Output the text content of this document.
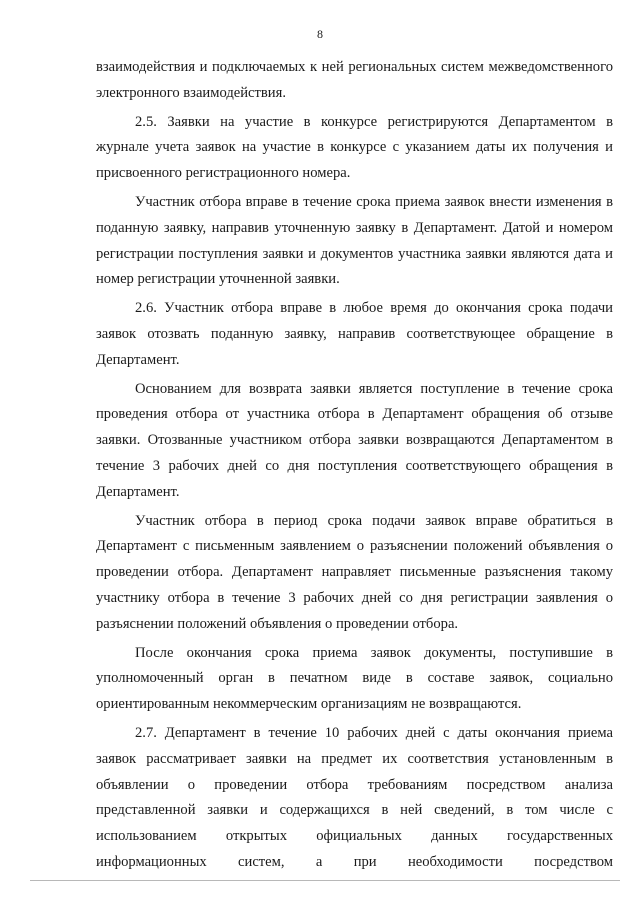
8

взаимодействия и подключаемых к ней региональных систем межведомственного электронного взаимодействия.

2.5. Заявки на участие в конкурсе регистрируются Департаментом в журнале учета заявок на участие в конкурсе с указанием даты их получения и присвоенного регистрационного номера.

Участник отбора вправе в течение срока приема заявок внести изменения в поданную заявку, направив уточненную заявку в Департамент. Датой и номером регистрации поступления заявки и документов участника заявки являются дата и номер регистрации уточненной заявки.

2.6. Участник отбора вправе в любое время до окончания срока подачи заявок отозвать поданную заявку, направив соответствующее обращение в Департамент.

Основанием для возврата заявки является поступление в течение срока проведения отбора от участника отбора в Департамент обращения об отзыве заявки. Отозванные участником отбора заявки возвращаются Департаментом в течение 3 рабочих дней со дня поступления соответствующего обращения в Департамент.

Участник отбора в период срока подачи заявок вправе обратиться в Департамент с письменным заявлением о разъяснении положений объявления о проведении отбора. Департамент направляет письменные разъяснения такому участнику отбора в течение 3 рабочих дней со дня регистрации заявления о разъяснении положений объявления о проведении отбора.

После окончания срока приема заявок документы, поступившие в уполномоченный орган в печатном виде в составе заявок, социально ориентированным некоммерческим организациям не возвращаются.

2.7. Департамент в течение 10 рабочих дней с даты окончания приема заявок рассматривает заявки на предмет их соответствия установленным в объявлении о проведении отбора требованиям посредством анализа представленной заявки и содержащихся в ней сведений, в том числе с использованием открытых официальных данных государственных информационных систем, а при необходимости посредством
